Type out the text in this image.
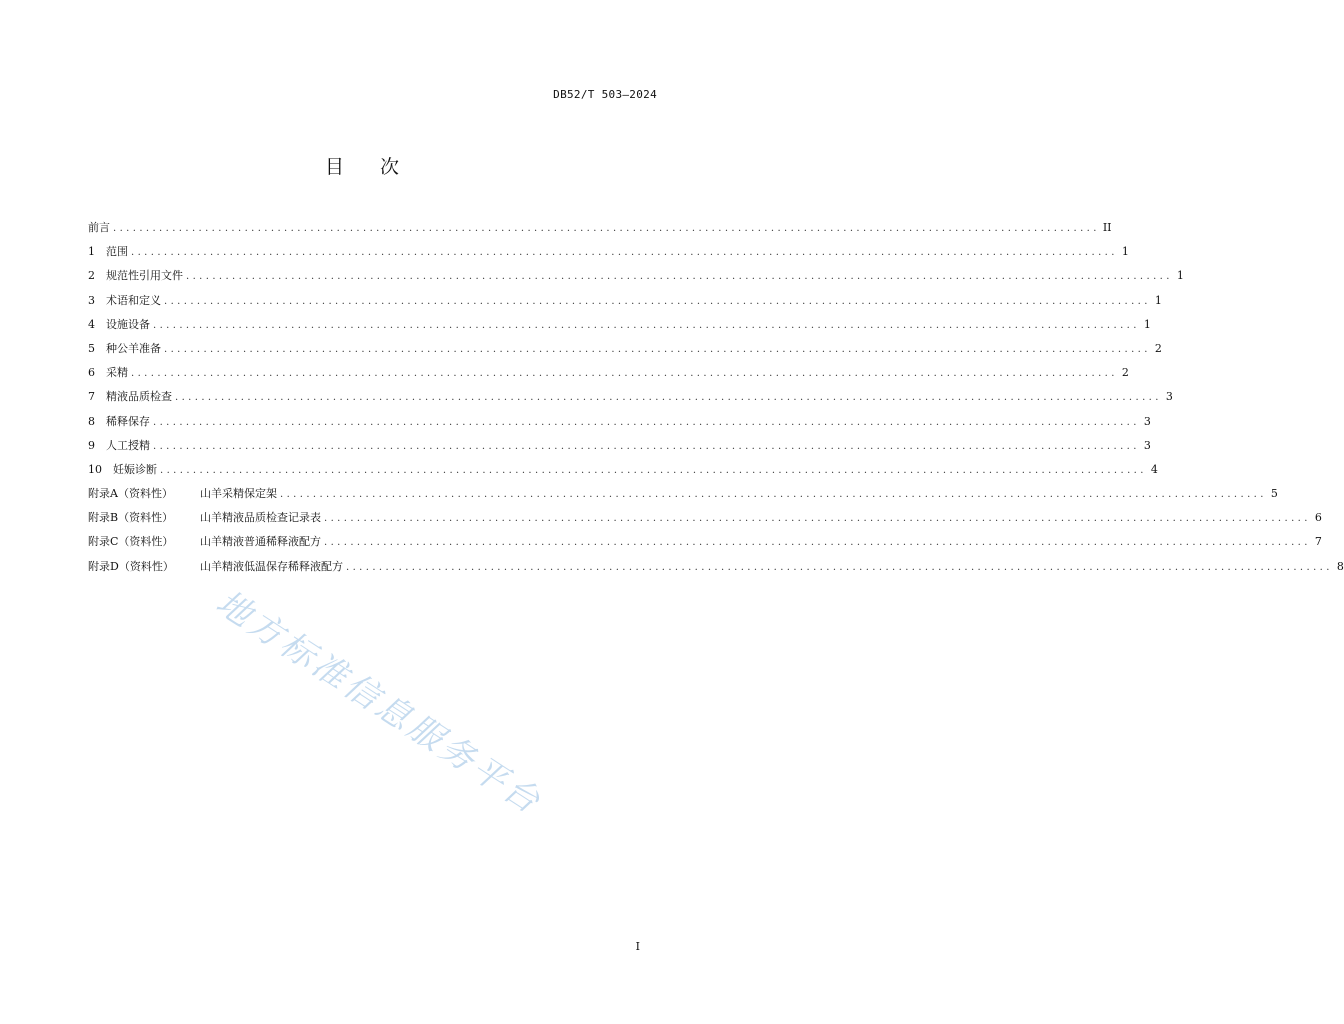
DB52/T 503—2024
目次
前言 ...................................................................................................................................................... II
1 范围 ...................................................................................................................................................... 1
2 规范性引用文件 ...................................................................................................................................................... 1
3 术语和定义 ...................................................................................................................................................... 1
4 设施设备 ...................................................................................................................................................... 1
5 种公羊准备 ...................................................................................................................................................... 2
6 采精 ...................................................................................................................................................... 2
7 精液品质检查 ...................................................................................................................................................... 3
8 稀释保存 ...................................................................................................................................................... 3
9 人工授精 ...................................................................................................................................................... 3
10 妊娠诊断 ...................................................................................................................................................... 4
附录A（资料性） 山羊采精保定架 ...................................................................................................................................................... 5
附录B（资料性） 山羊精液品质检查记录表 ...................................................................................................................................................... 6
附录C（资料性） 山羊精液普通稀释液配方 ...................................................................................................................................................... 7
附录D（资料性） 山羊精液低温保存稀释液配方 ...................................................................................................................................................... 8
地方标准信息服务平台
I
